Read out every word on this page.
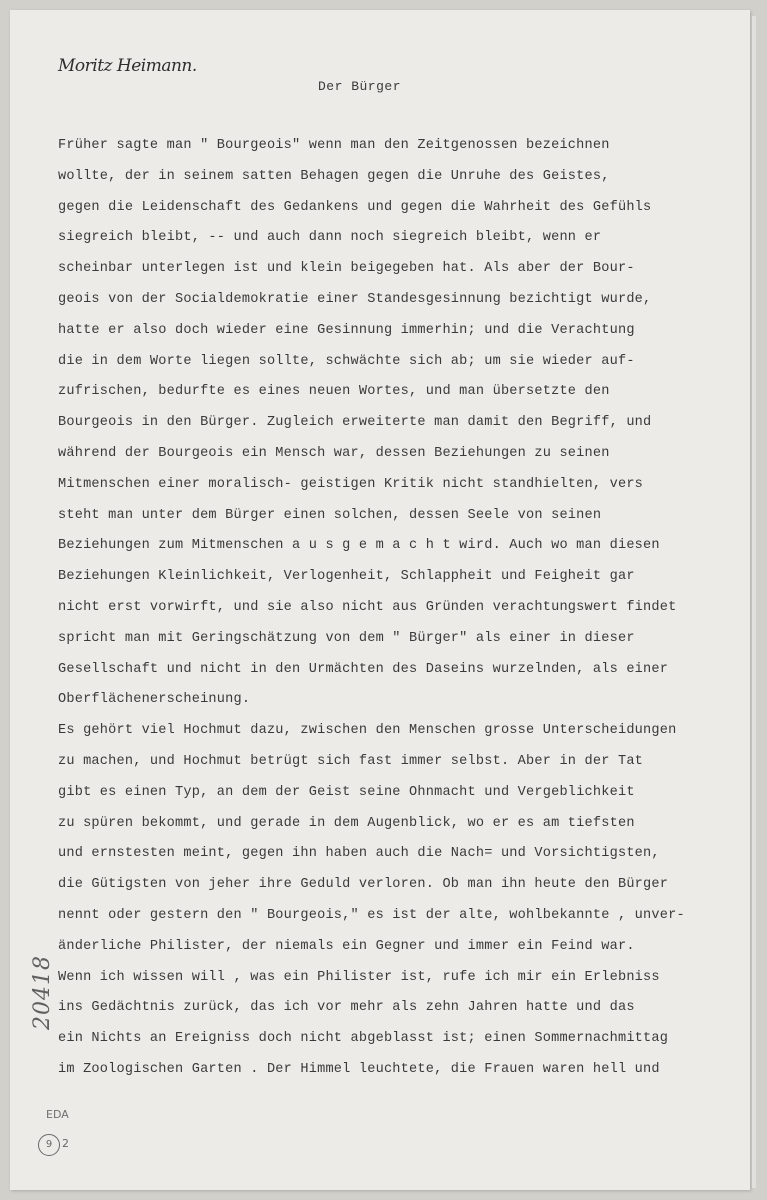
Moritz Heimann.
Der Bürger
Früher sagte man " Bourgeois" wenn man den Zeitgenossen bezeichnen
wollte, der in seinem satten Behagen gegen die Unruhe des Geistes,
gegen die Leidenschaft des Gedankens und gegen die Wahrheit des Gefühls
siegreich bleibt, -- und auch dann noch siegreich bleibt, wenn er
scheinbar unterlegen ist und klein beigegeben hat. Als aber der Bour-
geois von der Socialdemokratie einer Standesgesinnung bezichtigt wurde,
hatte er also doch wieder eine Gesinnung immerhin; und die Verachtung
die in dem Worte liegen sollte, schwächte sich ab; um sie wieder auf-
zufrischen, bedurfte es eines neuen Wortes, und man übersetzte den
Bourgeois in den Bürger. Zugleich erweiterte man damit den Begriff, und
während der Bourgeois ein Mensch war, dessen Beziehungen zu seinen
Mitmenschen einer moralisch- geistigen Kritik nicht standhielten, vers
steht man unter dem Bürger einen solchen, dessen Seele von seinen
Beziehungen zum Mitmenschen a u s g e m a c h t wird. Auch wo man diesen
Beziehungen Kleinlichkeit, Verlogenheit, Schlappheit und Feigheit gar
nicht erst vorwirft, und sie also nicht aus Gründen verachtungswert findet
spricht man mit Geringschätzung von dem " Bürger" als einer in dieser
Gesellschaft und nicht in den Urmächten des Daseins wurzelnden, als einer
Oberflächenerscheinung.
Es gehört viel Hochmut dazu, zwischen den Menschen grosse Unterscheidungen
zu machen, und Hochmut betrügt sich fast immer selbst. Aber in der Tat
gibt es einen Typ, an dem der Geist seine Ohnmacht und Vergeblichkeit
zu spüren bekommt, und gerade in dem Augenblick, wo er es am tiefsten
und ernstesten meint, gegen ihn haben auch die Nach= und Vorsichtigsten,
die Gütigsten von jeher ihre Geduld verloren. Ob man ihn heute den Bürger
nennt oder gestern den " Bourgeois," es ist der alte, wohlbekannte , unver-
änderliche Philister, der niemals ein Gegner und immer ein Feind war.
Wenn ich wissen will , was ein Philister ist, rufe ich mir ein Erlebniss
ins Gedächtnis zurück, das ich vor mehr als zehn Jahren hatte und das
ein Nichts an Ereigniss doch nicht abgeblasst ist; einen Sommernachmittag
im Zoologischen Garten . Der Himmel leuchtete, die Frauen waren hell und
20418
EDA
9 2
